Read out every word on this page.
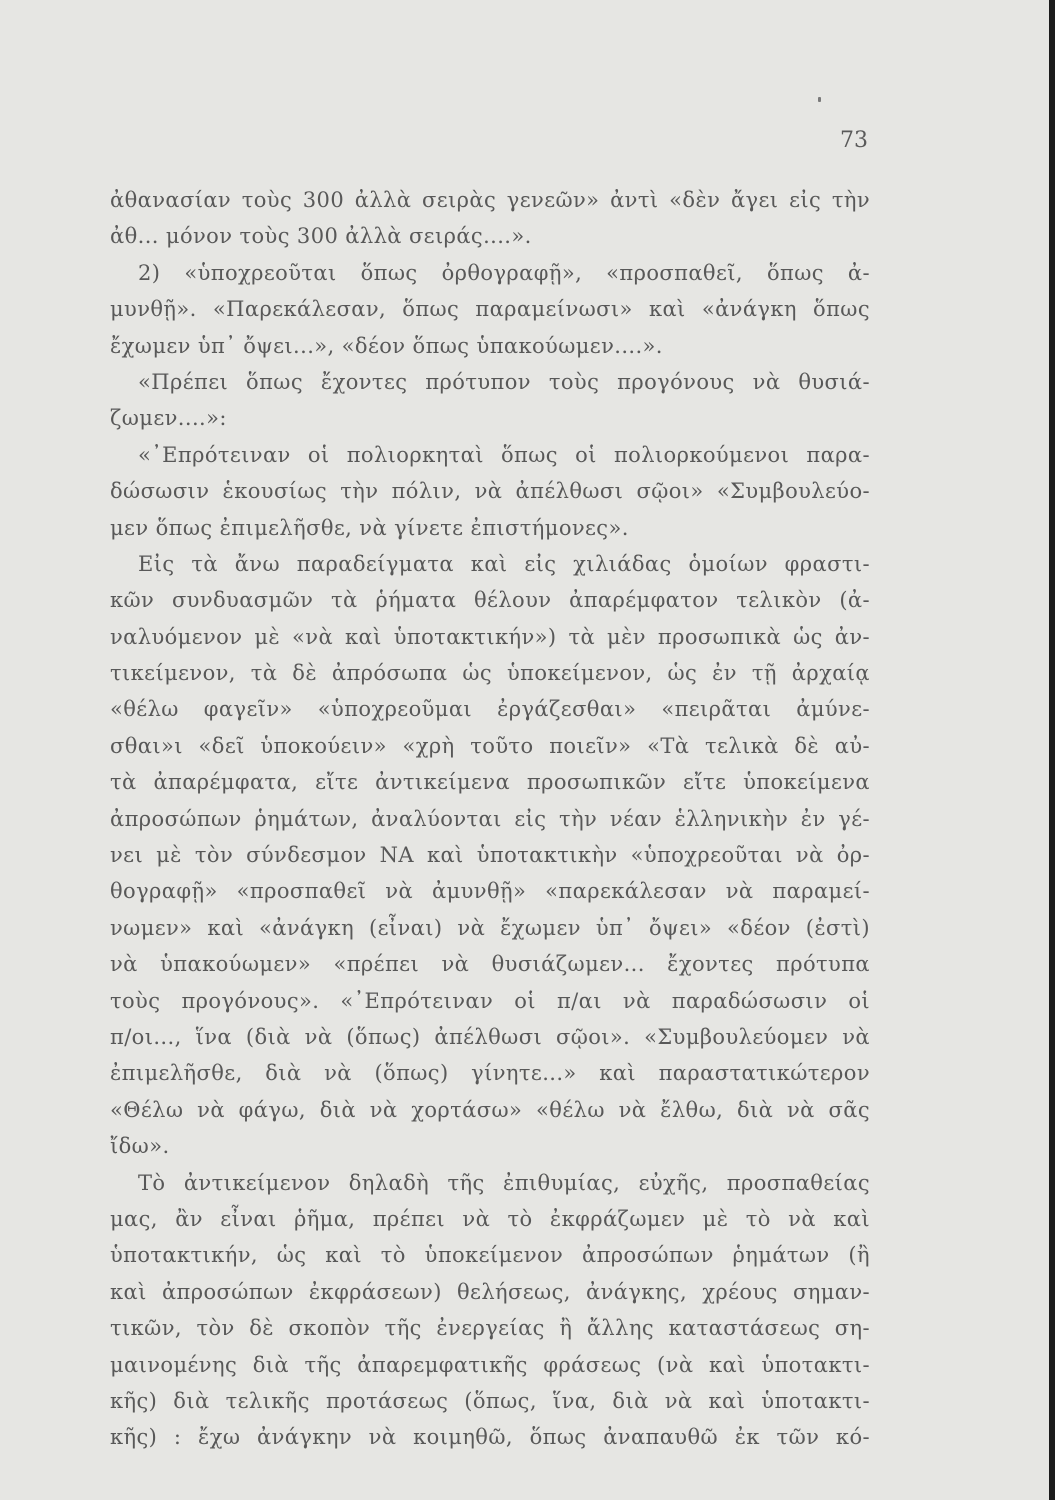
73
ἀθανασίαν τοὺς 300 ἀλλὰ σειρὰς γενεῶν» ἀντὶ «δὲν ἄγει εἰς τὴν
ἀθ... μόνον τοὺς 300 ἀλλὰ σειράς....».
2) «ὑποχρεοῦται ὅπως ὀρθογραφῇ», «προσπαθεῖ, ὅπως ἀ-
μυνθῇ». «Παρεκάλεσαν, ὅπως παραμείνωσι» καὶ «ἀνάγκη ὅπως
ἔχωμεν ὑπ᾽ ὄψει...», «δέον ὅπως ὑπακούωμεν....».
«Πρέπει ὅπως ἔχοντες πρότυπον τοὺς προγόνους νὰ θυσιά-
ζωμεν....»:
«᾽Επρότειναν οἱ πολιορκηταὶ ὅπως οἱ πολιορκούμενοι παρα-
δώσωσιν ἑκουσίως τὴν πόλιν, νὰ ἀπέλθωσι σῷοι» «Συμβουλεύο-
μεν ὅπως ἐπιμελῆσθε, νὰ γίνετε ἐπιστήμονες».
Εἰς τὰ ἄνω παραδείγματα καὶ εἰς χιλιάδας ὁμοίων φραστι-
κῶν συνδυασμῶν τὰ ῥήματα θέλουν ἀπαρέμφατον τελικὸν (ἀ-
ναλυόμενον μὲ «νὰ καὶ ὑποτακτικήν») τὰ μὲν προσωπικὰ ὡς ἀν-
τικείμενον, τὰ δὲ ἀπρόσωπα ὡς ὑποκείμενον, ὡς ἐν τῇ ἀρχαίᾳ
«θέλω φαγεῖν» «ὑποχρεοῦμαι ἐργάζεσθαι» «πειρᾶται ἀμύνε-
σθαι»ι «δεῖ ὑποκούειν» «χρὴ τοῦτο ποιεῖν» «Τὰ τελικὰ δὲ αὐ-
τὰ ἀπαρέμφατα, εἴτε ἀντικείμενα προσωπικῶν εἴτε ὑποκείμενα
ἀπροσώπων ῥημάτων, ἀναλύονται εἰς τὴν νέαν ἑλληνικὴν ἐν γέ-
νει μὲ τὸν σύνδεσμον ΝΑ καὶ ὑποτακτικὴν «ὑποχρεοῦται νὰ ὀρ-
θογραφῇ» «προσπαθεῖ νὰ ἀμυνθῇ» «παρεκάλεσαν νὰ παραμεί-
νωμεν» καὶ «ἀνάγκη (εἶναι) νὰ ἔχωμεν ὑπ᾽ ὄψει» «δέον (ἐστὶ)
νὰ ὑπακούωμεν» «πρέπει νὰ θυσιάζωμεν... ἔχοντες πρότυπα
τοὺς προγόνους». «᾽Επρότειναν οἱ π/αι νὰ παραδώσωσιν οἱ
π/οι..., ἵνα (διὰ νὰ (ὅπως) ἀπέλθωσι σῷοι». «Συμβουλεύομεν νὰ
ἐπιμελῆσθε, διὰ νὰ (ὅπως) γίνητε...» καὶ παραστατικώτερον
«Θέλω νὰ φάγω, διὰ νὰ χορτάσω» «θέλω νὰ ἔλθω, διὰ νὰ σᾶς
ἴδω».
Τὸ ἀντικείμενον δηλαδὴ τῆς ἐπιθυμίας, εὐχῆς, προσπαθείας
μας, ἂν εἶναι ῥῆμα, πρέπει νὰ τὸ ἐκφράζωμεν μὲ τὸ νὰ καὶ
ὑποτακτικήν, ὡς καὶ τὸ ὑποκείμενον ἀπροσώπων ῥημάτων (ἢ
καὶ ἀπροσώπων ἐκφράσεων) θελήσεως, ἀνάγκης, χρέους σημαν-
τικῶν, τὸν δὲ σκοπὸν τῆς ἐνεργείας ἢ ἄλλης καταστάσεως ση-
μαινομένης διὰ τῆς ἀπαρεμφατικῆς φράσεως (νὰ καὶ ὑποτακτι-
κῆς) διὰ τελικῆς προτάσεως (ὅπως, ἵνα, διὰ νὰ καὶ ὑποτακτι-
κῆς) : ἔχω ἀνάγκην νὰ κοιμηθῶ, ὅπως ἀναπαυθῶ ἐκ τῶν κό-
